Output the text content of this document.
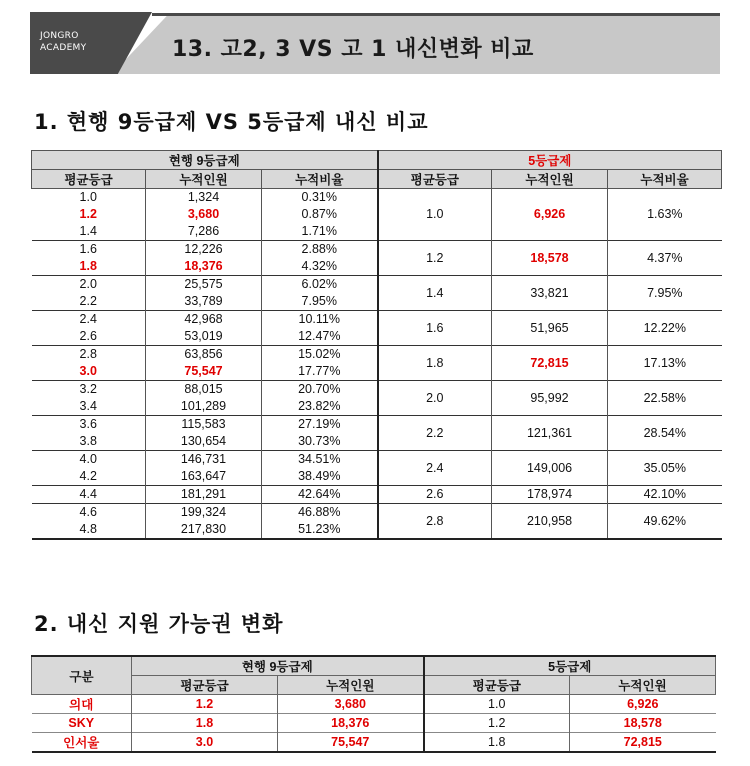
JONGRO
ACADEMY	13. 고2, 3 VS 고 1 내신변화 비교
1. 현행 9등급제 VS 5등급제 내신 비교
현행 9등급제			5등급제		
평균등급	누적인원	누적비율	평균등급	누적인원	누적비율
1.0	1,324	0.31%	1.0	6,926	1.63%
1.2	3,680	0.87%			
1.4	7,286	1.71%			
1.6	12,226	2.88%	1.2	18,578	4.37%
1.8	18,376	4.32%			
2.0	25,575	6.02%	1.4	33,821	7.95%
2.2	33,789	7.95%			
2.4	42,968	10.11%	1.6	51,965	12.22%
2.6	53,019	12.47%			
2.8	63,856	15.02%	1.8	72,815	17.13%
3.0	75,547	17.77%			
3.2	88,015	20.70%	2.0	95,992	22.58%
3.4	101,289	23.82%			
3.6	115,583	27.19%	2.2	121,361	28.54%
3.8	130,654	30.73%			
4.0	146,731	34.51%	2.4	149,006	35.05%
4.2	163,647	38.49%			
4.4	181,291	42.64%	2.6	178,974	42.10%
4.6	199,324	46.88%	2.8	210,958	49.62%
4.8	217,830	51.23%			
2. 내신 지원 가능권 변화
구분	현행 9등급제		5등급제	
	평균등급	누적인원	평균등급	누적인원
의대	1.2	3,680	1.0	6,926
SKY	1.8	18,376	1.2	18,578
인서울	3.0	75,547	1.8	72,815
